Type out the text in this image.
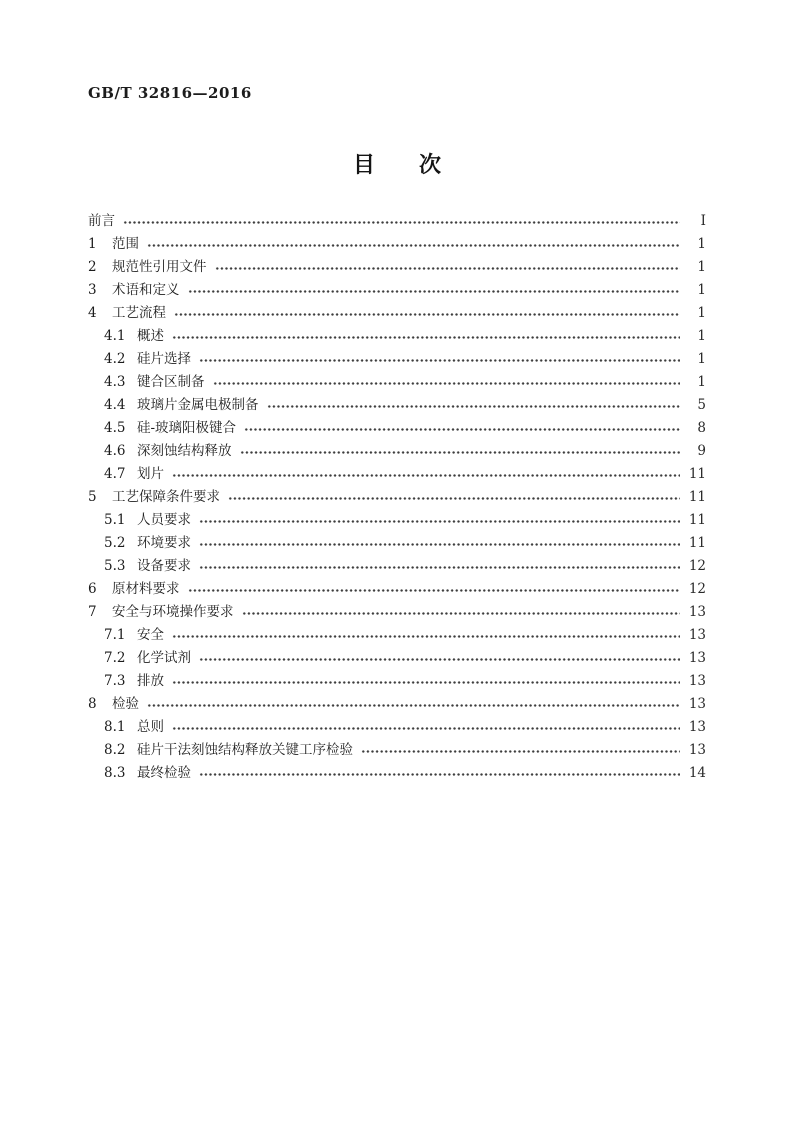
GB/T 32816—2016
目　　次
前言	I
1	范围	1
2	规范性引用文件	1
3	术语和定义	1
4	工艺流程	1
4.1 概述	1
4.2 硅片选择	1
4.3 键合区制备	1
4.4 玻璃片金属电极制备	5
4.5 硅-玻璃阳极键合	8
4.6 深刻蚀结构释放	9
4.7 划片	11
5	工艺保障条件要求	11
5.1 人员要求	11
5.2 环境要求	11
5.3 设备要求	12
6	原材料要求	12
7	安全与环境操作要求	13
7.1 安全	13
7.2 化学试剂	13
7.3 排放	13
8	检验	13
8.1 总则	13
8.2 硅片干法刻蚀结构释放关键工序检验	13
8.3 最终检验	14
